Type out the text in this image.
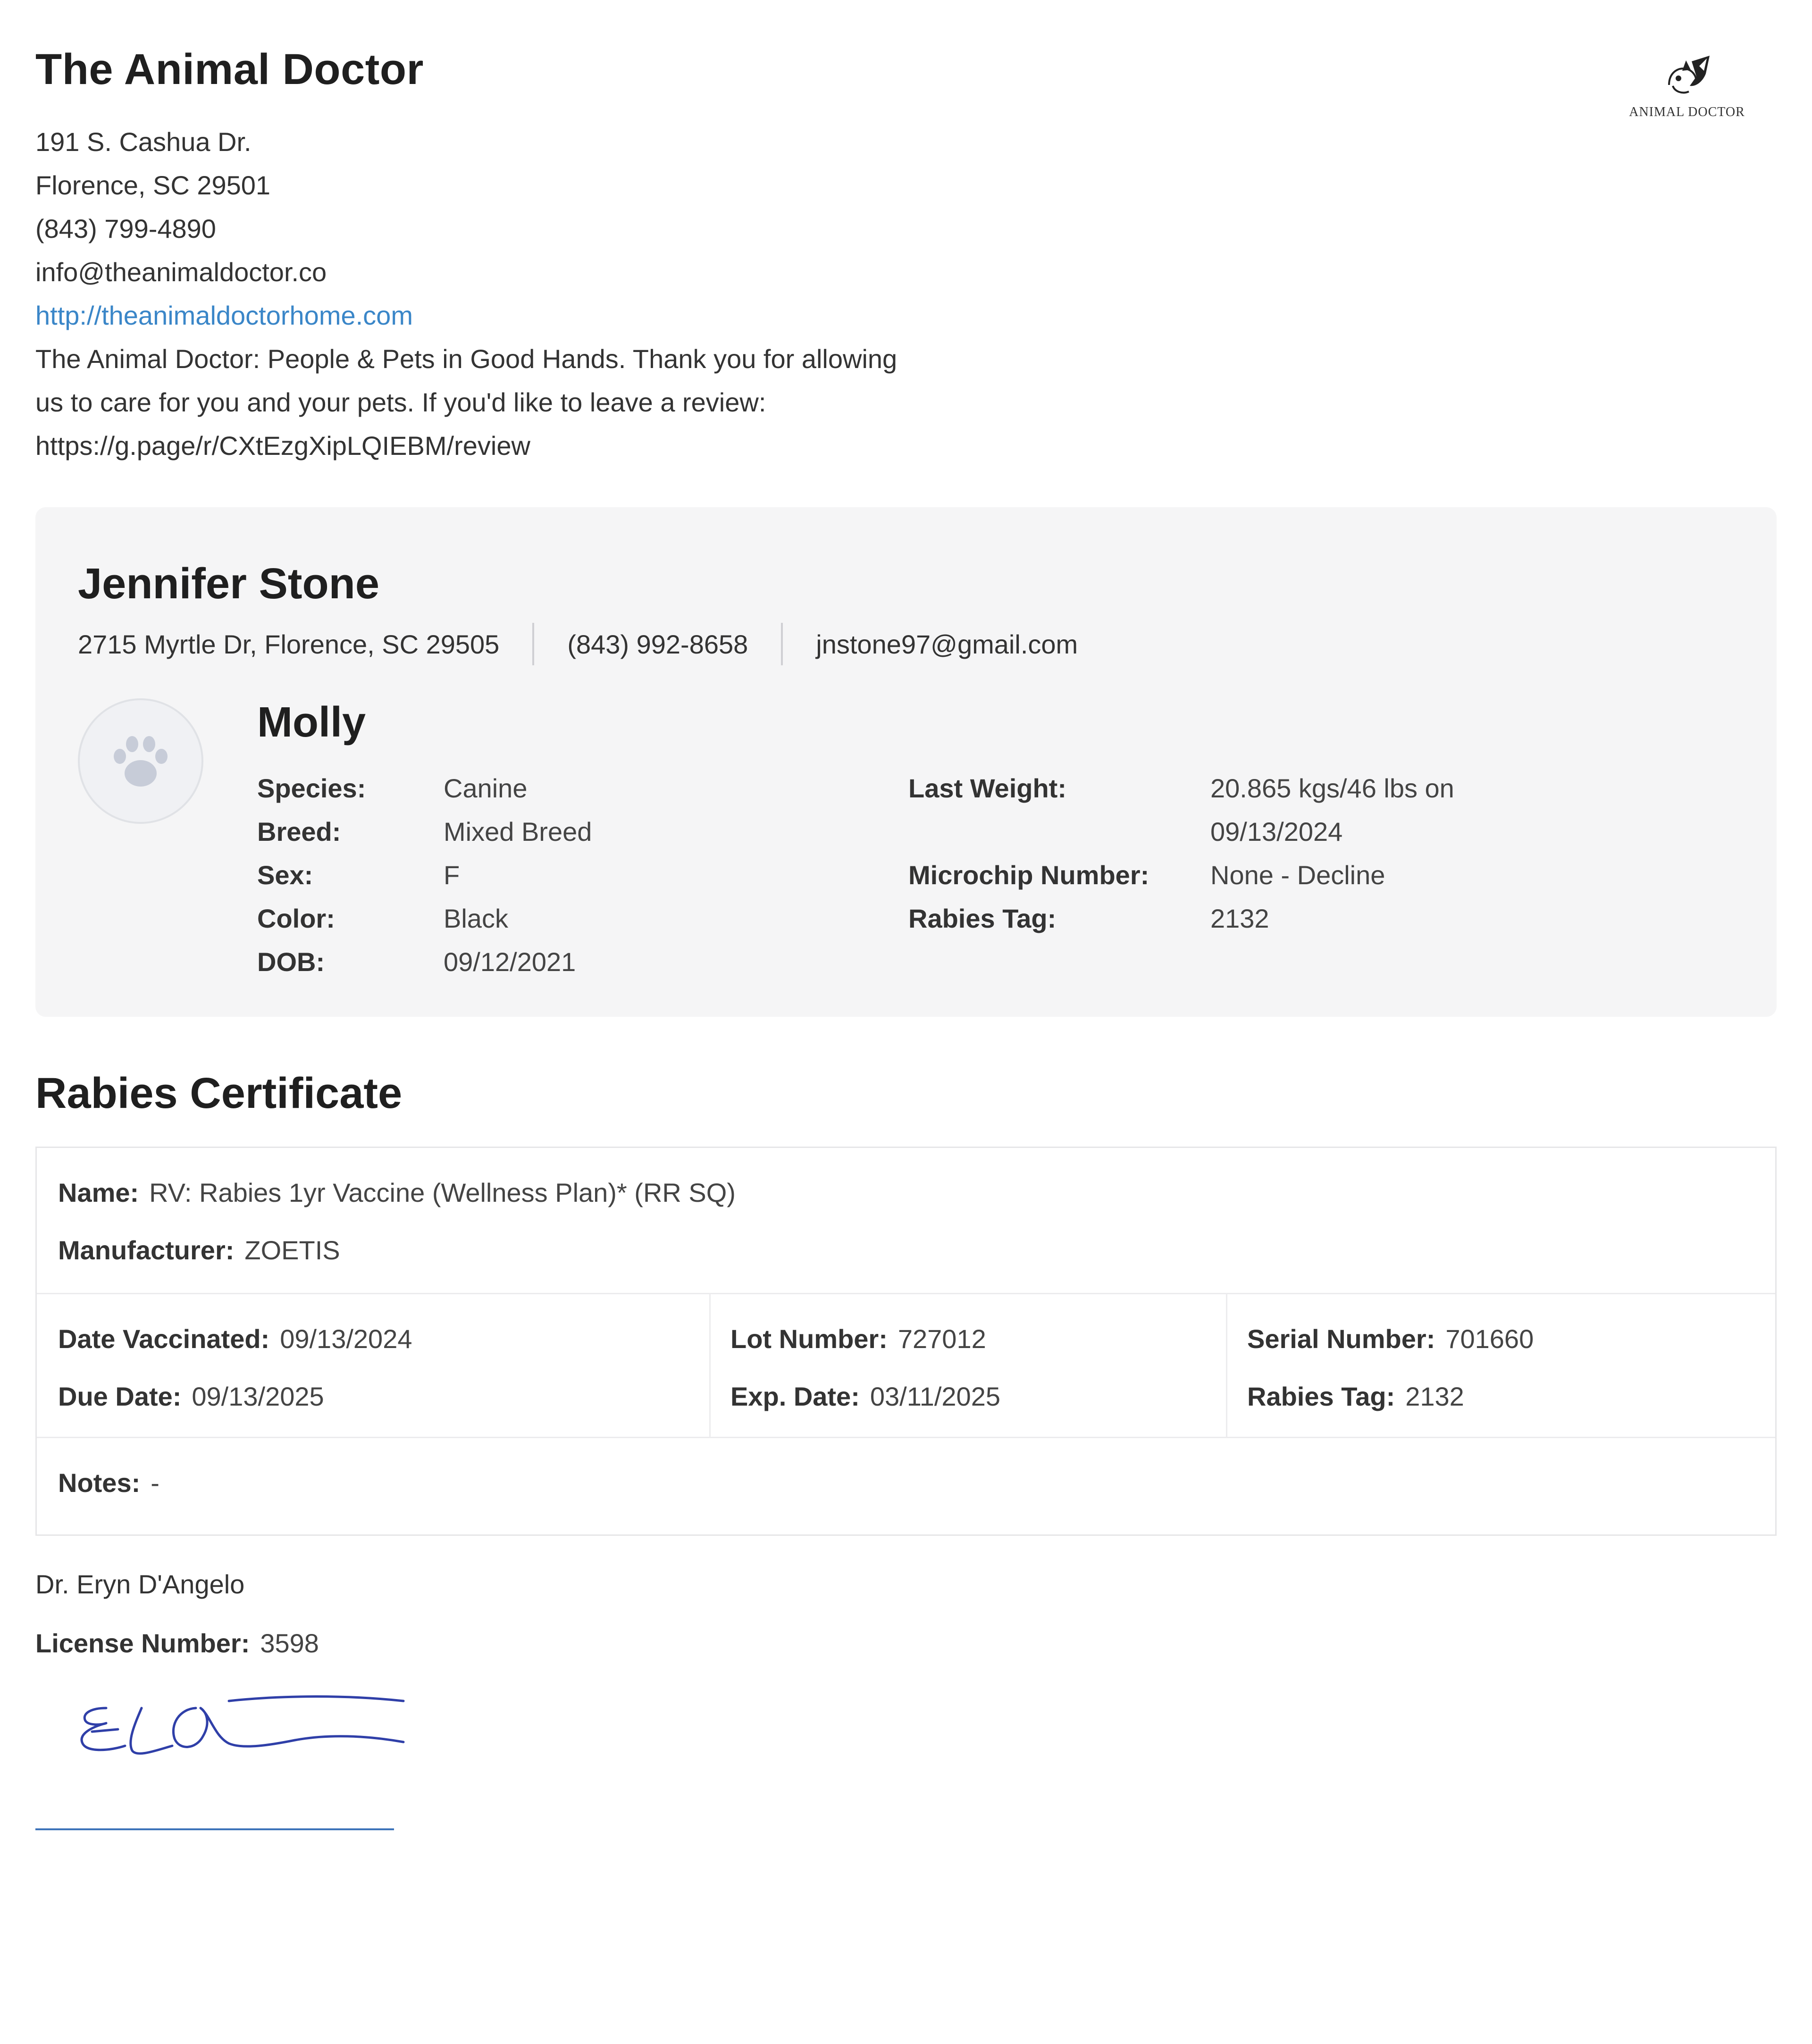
The Animal Doctor
191 S. Cashua Dr.
Florence, SC 29501
(843) 799-4890
info@theanimaldoctor.co
http://theanimaldoctorhome.com
The Animal Doctor: People & Pets in Good Hands. Thank you for allowing us to care for you and your pets. If you'd like to leave a review: https://g.page/r/CXtEzgXipLQIEBM/review
ANIMAL DOCTOR
Jennifer Stone
2715 Myrtle Dr, Florence, SC 29505	(843) 992-8658	jnstone97@gmail.com
Molly
Species:	Canine
Breed:	Mixed Breed
Sex:	F
Color:	Black
DOB:	09/12/2021
Last Weight:	20.865 kgs/46 lbs on
09/13/2024
Microchip Number:	None - Decline
Rabies Tag:	2132
Rabies Certificate
Name: RV: Rabies 1yr Vaccine (Wellness Plan)* (RR SQ)
Manufacturer: ZOETIS
Date Vaccinated: 09/13/2024
Due Date: 09/13/2025
Lot Number: 727012
Exp. Date: 03/11/2025
Serial Number: 701660
Rabies Tag: 2132
Notes: -
Dr. Eryn D'Angelo
License Number: 3598
